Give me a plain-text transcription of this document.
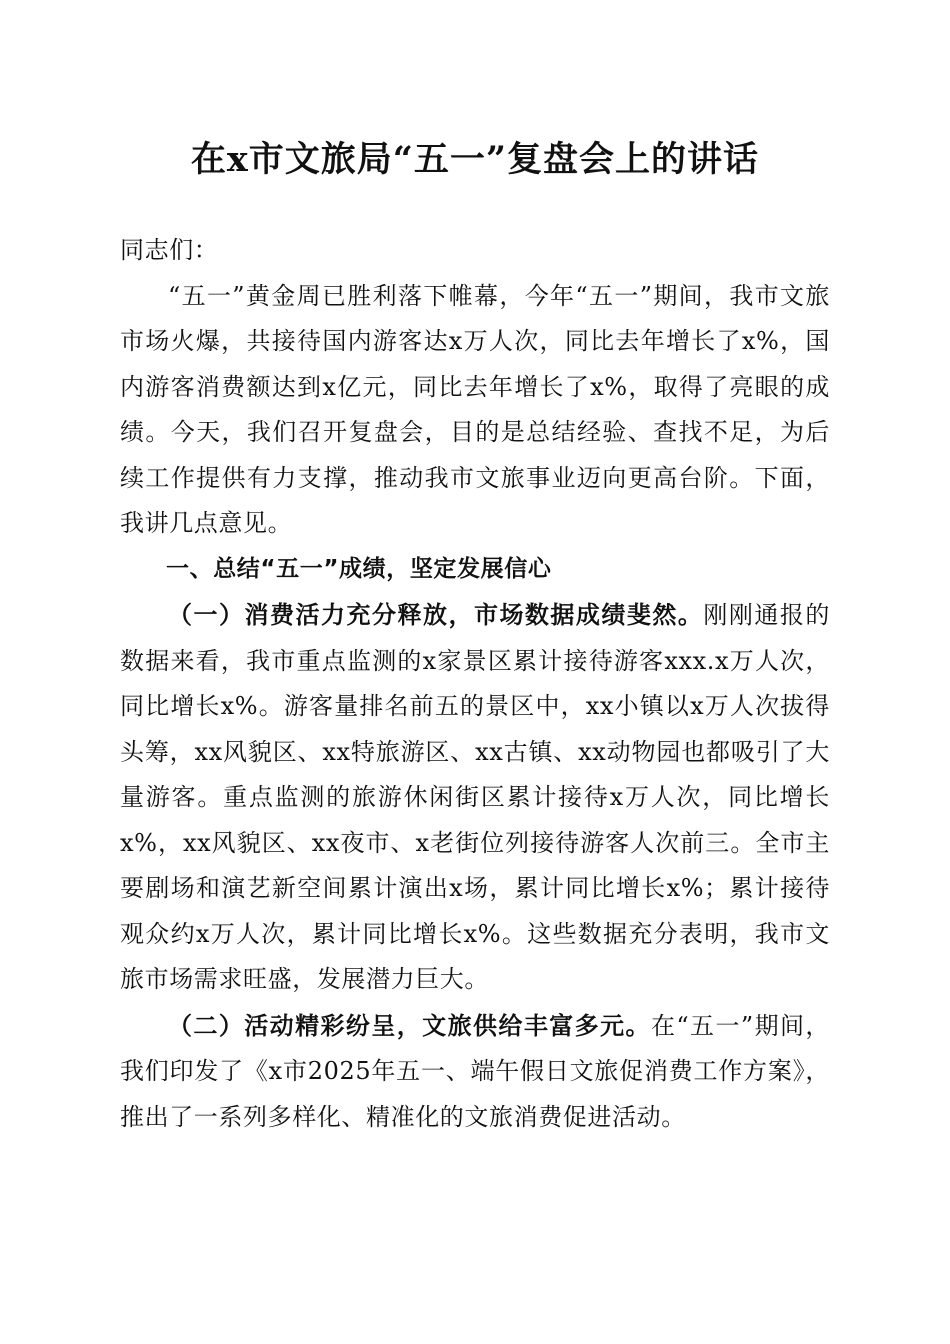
在x市文旅局“五一”复盘会上的讲话

同志们：

“五一”黄金周已胜利落下帷幕，今年“五一”期间，我市文旅市场火爆，共接待国内游客达x万人次，同比去年增长了x%，国内游客消费额达到x亿元，同比去年增长了x%，取得了亮眼的成绩。今天，我们召开复盘会，目的是总结经验、查找不足，为后续工作提供有力支撑，推动我市文旅事业迈向更高台阶。下面，我讲几点意见。

一、总结“五一”成绩，坚定发展信心

（一）消费活力充分释放，市场数据成绩斐然。刚刚通报的数据来看，我市重点监测的x家景区累计接待游客xxx.x万人次，同比增长x%。游客量排名前五的景区中，xx小镇以x万人次拔得头筹，xx风貌区、xx特旅游区、xx古镇、xx动物园也都吸引了大量游客。重点监测的旅游休闲街区累计接待x万人次，同比增长x%，xx风貌区、xx夜市、x老街位列接待游客人次前三。全市主要剧场和演艺新空间累计演出x场，累计同比增长x%；累计接待观众约x万人次，累计同比增长x%。这些数据充分表明，我市文旅市场需求旺盛，发展潜力巨大。

（二）活动精彩纷呈，文旅供给丰富多元。在“五一”期间，我们印发了《x市2025年五一、端午假日文旅促消费工作方案》，推出了一系列多样化、精准化的文旅消费促进活动。
